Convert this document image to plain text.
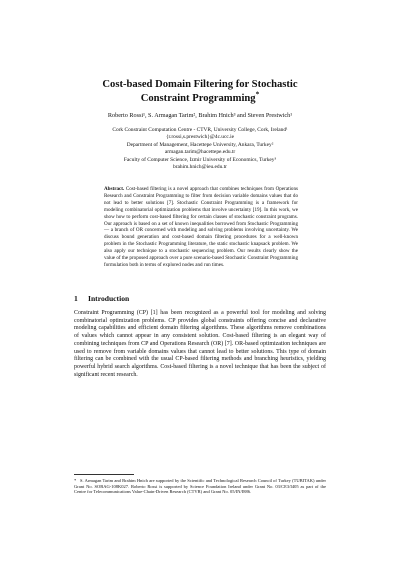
Cost-based Domain Filtering for Stochastic
Constraint Programming*
Roberto Rossi¹, S. Armagan Tarim², Brahim Hnich³ and Steven Prestwich¹
Cork Constraint Computation Centre - CTVR, University College, Cork, Ireland¹
{r.rossi,s.prestwich}@4c.ucc.ie
Department of Management, Hacettepe University, Ankara, Turkey²
armagan.tarim@hacettepe.edu.tr
Faculty of Computer Science, Izmir University of Economics, Turkey³
brahim.hnich@ieu.edu.tr
Abstract. Cost-based filtering is a novel approach that combines techniques from Operations Research and Constraint Programming to filter from decision variable domains values that do not lead to better solutions [7]. Stochastic Constraint Programming is a framework for modeling combinatorial optimization problems that involve uncertainty [19]. In this work, we show how to perform cost-based filtering for certain classes of stochastic constraint programs. Our approach is based on a set of known inequalities borrowed from Stochastic Programming — a branch of OR concerned with modeling and solving problems involving uncertainty. We discuss bound generation and cost-based domain filtering procedures for a well-known problem in the Stochastic Programming literature, the static stochastic knapsack problem. We also apply our technique to a stochastic sequencing problem. Our results clearly show the value of the proposed approach over a pure scenario-based Stochastic Constraint Programming formulation both in terms of explored nodes and run times.
1 Introduction

Constraint Programming (CP) [1] has been recognized as a powerful tool for modeling and solving combinatorial optimization problems. CP provides global constraints offering concise and declarative modeling capabilities and efficient domain filtering algorithms. These algorithms remove combinations of values which cannot appear in any consistent solution. Cost-based filtering is an elegant way of combining techniques from CP and Operations Research (OR) [7]. OR-based optimization techniques are used to remove from variable domains values that cannot lead to better solutions. This type of domain filtering can be combined with the usual CP-based filtering methods and branching heuristics, yielding powerful hybrid search algorithms. Cost-based filtering is a novel technique that has been the subject of significant recent research.

* S. Armagan Tarim and Brahim Hnich are supported by the Scientific and Technological Research Council of Turkey (TUBITAK) under Grant No. SOBAG-108K027. Roberto Rossi is supported by Science Foundation Ireland under Grant No. 03/CE3/I405 as part of the Centre for Telecommunications Value-Chain-Driven Research (CTVR) and Grant No. 05/IN/I886.
